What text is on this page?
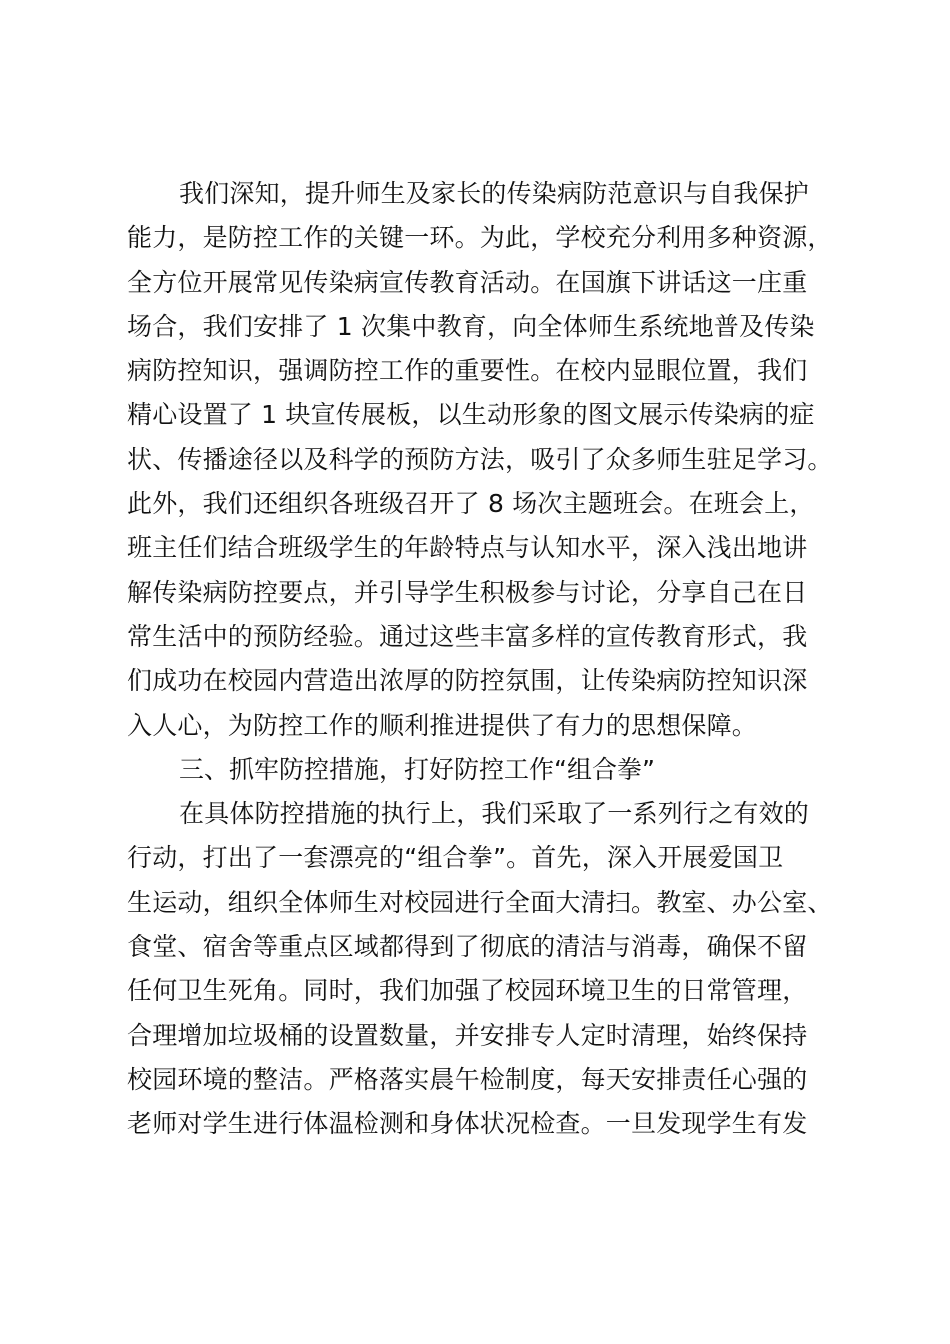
我们深知，提升师生及家长的传染病防范意识与自我保护
能力，是防控工作的关键一环。为此，学校充分利用多种资源，
全方位开展常见传染病宣传教育活动。在国旗下讲话这一庄重
场合，我们安排了 1 次集中教育，向全体师生系统地普及传染
病防控知识，强调防控工作的重要性。在校内显眼位置，我们
精心设置了 1 块宣传展板，以生动形象的图文展示传染病的症
状、传播途径以及科学的预防方法，吸引了众多师生驻足学习。
此外，我们还组织各班级召开了 8 场次主题班会。在班会上，
班主任们结合班级学生的年龄特点与认知水平，深入浅出地讲
解传染病防控要点，并引导学生积极参与讨论，分享自己在日
常生活中的预防经验。通过这些丰富多样的宣传教育形式，我
们成功在校园内营造出浓厚的防控氛围，让传染病防控知识深
入人心，为防控工作的顺利推进提供了有力的思想保障。
三、抓牢防控措施，打好防控工作“组合拳”
在具体防控措施的执行上，我们采取了一系列行之有效的
行动，打出了一套漂亮的“组合拳”。首先，深入开展爱国卫
生运动，组织全体师生对校园进行全面大清扫。教室、办公室、
食堂、宿舍等重点区域都得到了彻底的清洁与消毒，确保不留
任何卫生死角。同时，我们加强了校园环境卫生的日常管理，
合理增加垃圾桶的设置数量，并安排专人定时清理，始终保持
校园环境的整洁。严格落实晨午检制度，每天安排责任心强的
老师对学生进行体温检测和身体状况检查。一旦发现学生有发
